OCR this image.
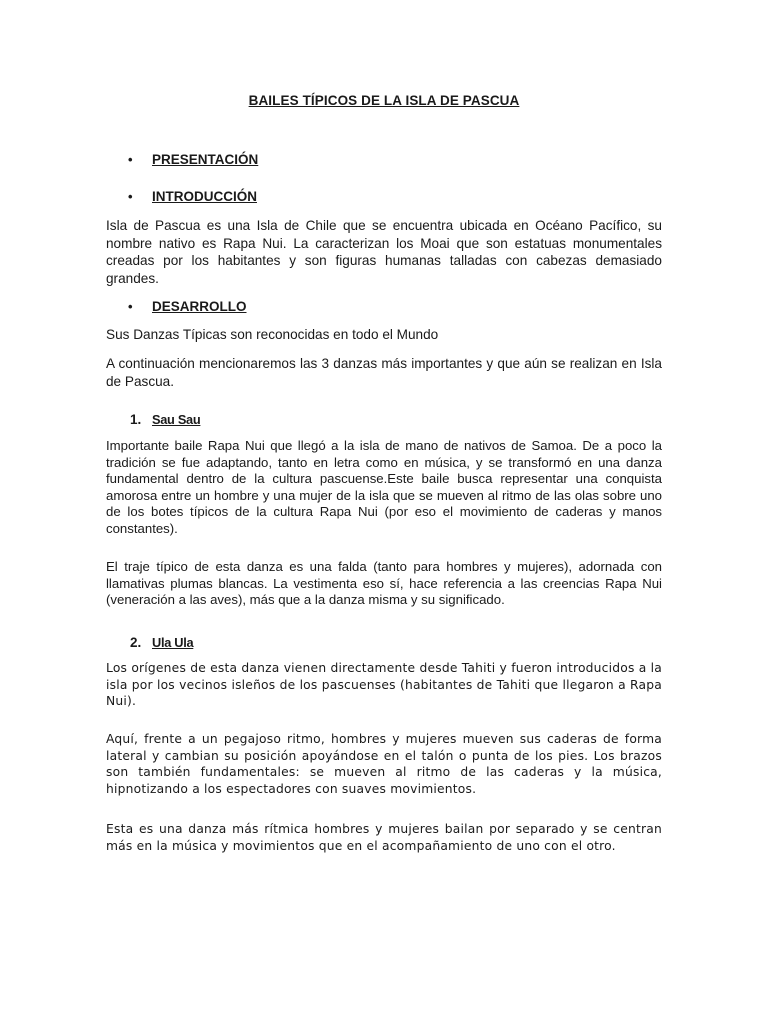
BAILES TÍPICOS DE LA ISLA DE PASCUA
• PRESENTACIÓN
• INTRODUCCIÓN
Isla de Pascua es una Isla de Chile que se encuentra ubicada en Océano Pacífico, su nombre nativo es Rapa Nui. La caracterizan los Moai que son estatuas monumentales creadas por los habitantes y son figuras humanas talladas con cabezas demasiado grandes.
• DESARROLLO
Sus Danzas Típicas son reconocidas en todo el Mundo
A continuación mencionaremos las 3 danzas más importantes y que aún se realizan en Isla de Pascua.
1. Sau Sau
Importante baile Rapa Nui que llegó a la isla de mano de nativos de Samoa. De a poco la tradición se fue adaptando, tanto en letra como en música, y se transformó en una danza fundamental dentro de la cultura pascuense.Este baile busca representar una conquista amorosa entre un hombre y una mujer de la isla que se mueven al ritmo de las olas sobre uno de los botes típicos de la cultura Rapa Nui (por eso el movimiento de caderas y manos constantes).
El traje típico de esta danza es una falda (tanto para hombres y mujeres), adornada con llamativas plumas blancas. La vestimenta eso sí, hace referencia a las creencias Rapa Nui (veneración a las aves), más que a la danza misma y su significado.
2. Ula Ula
Los orígenes de esta danza vienen directamente desde Tahiti y fueron introducidos a la isla por los vecinos isleños de los pascuenses (habitantes de Tahiti que llegaron a Rapa Nui).
Aquí, frente a un pegajoso ritmo, hombres y mujeres mueven sus caderas de forma lateral y cambian su posición apoyándose en el talón o punta de los pies. Los brazos son también fundamentales: se mueven al ritmo de las caderas y la música, hipnotizando a los espectadores con suaves movimientos.
Esta es una danza más rítmica hombres y mujeres bailan por separado y se centran más en la música y movimientos que en el acompañamiento de uno con el otro.
